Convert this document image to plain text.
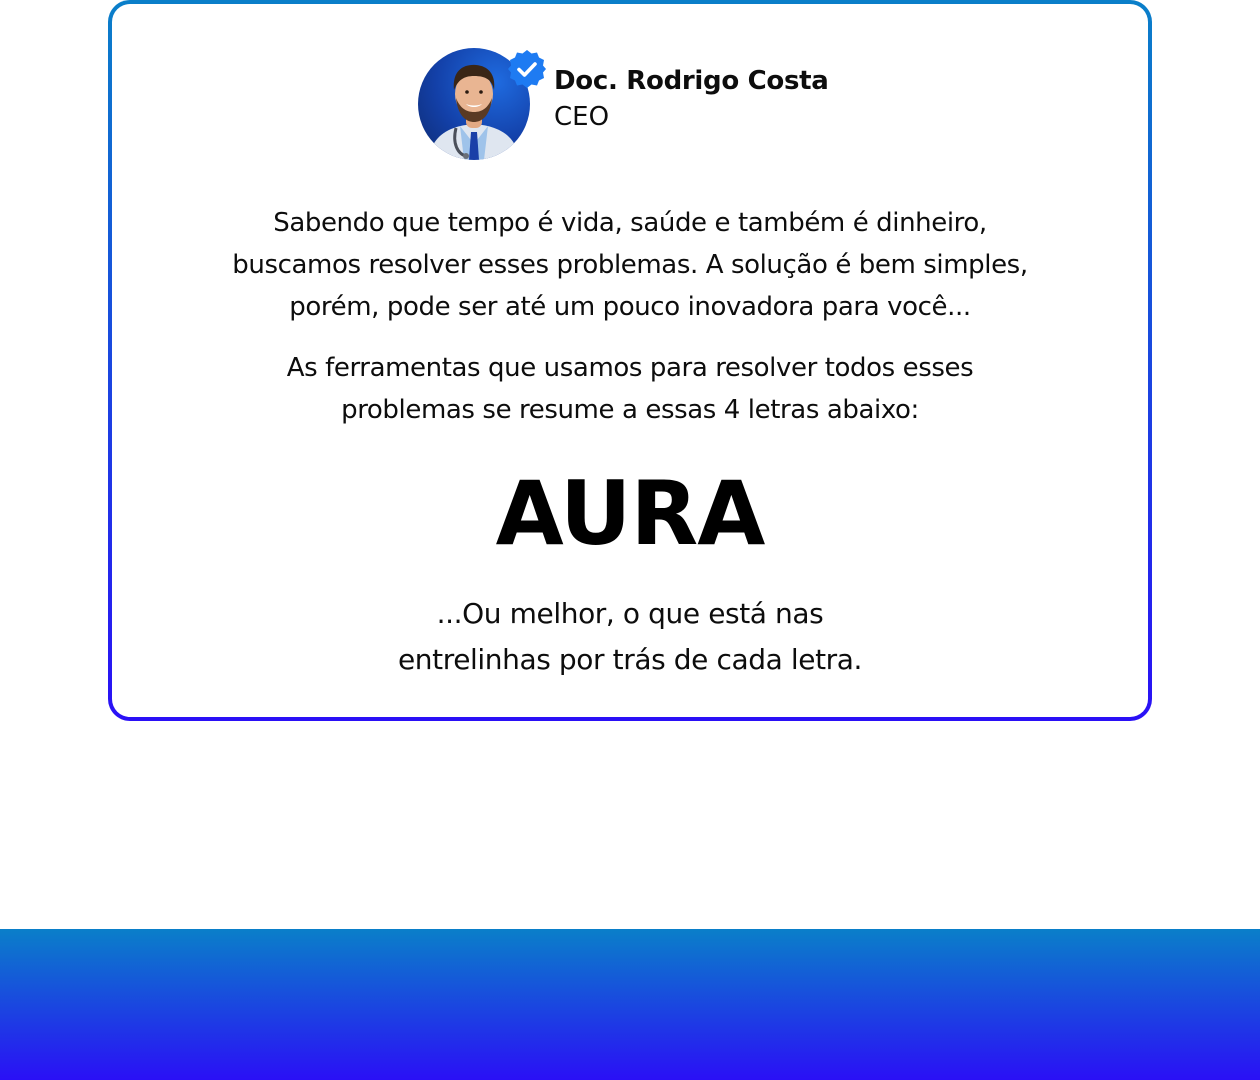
Doc. Rodrigo Costa
CEO
Sabendo que tempo é vida, saúde e também é dinheiro,
buscamos resolver esses problemas. A solução é bem simples,
porém, pode ser até um pouco inovadora para você...
As ferramentas que usamos para resolver todos esses
problemas se resume a essas 4 letras abaixo:
AURA
...Ou melhor, o que está nas
entrelinhas por trás de cada letra.
